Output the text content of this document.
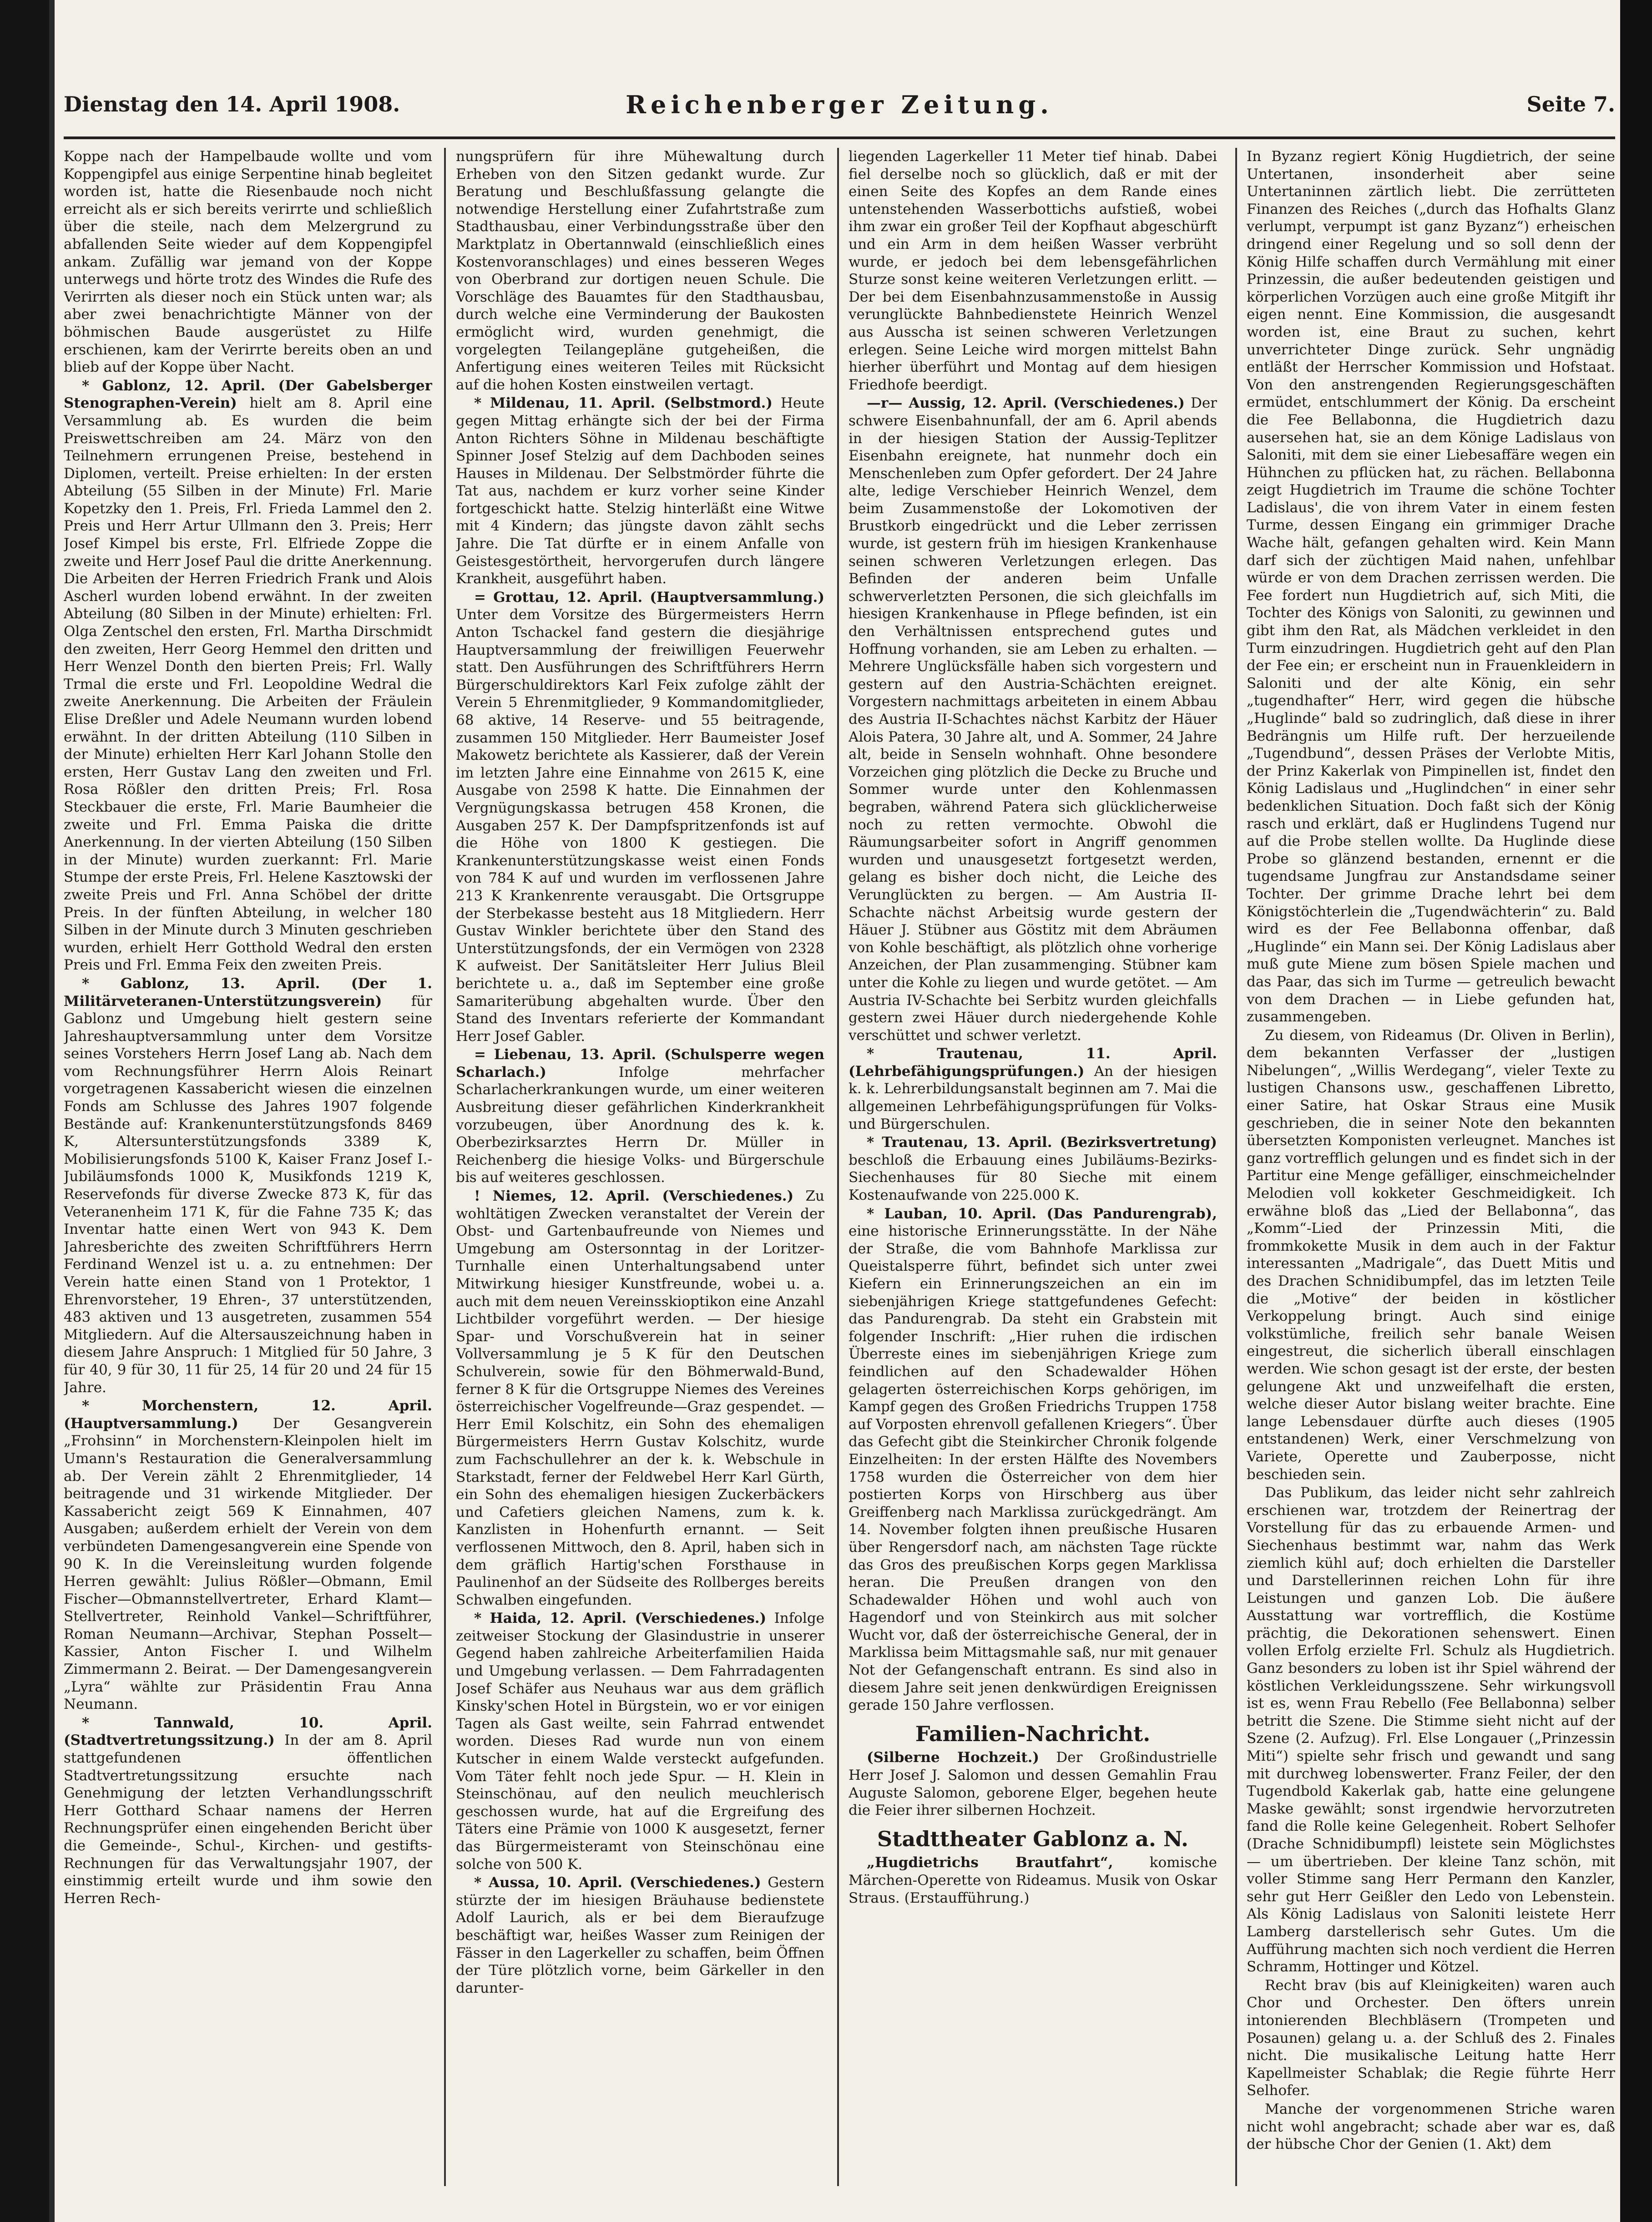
Dienstag den 14. April 1908.	Reichenberger Zeitung.	Seite 7.

Koppe nach der Hampelbaude wollte und vom Koppengipfel aus einige Serpentine hinab begleitet worden ist, hatte die Riesenbaude noch nicht erreicht als er sich bereits verirrte und schließlich über die steile, nach dem Melzergrund zu abfallenden Seite wieder auf dem Koppengipfel ankam. Zufällig war jemand von der Koppe unterwegs und hörte trotz des Windes die Rufe des Verirrten als dieser noch ein Stück unten war; als aber zwei benachrichtigte Männer von der böhmischen Baude ausgerüstet zu Hilfe erschienen, kam der Verirrte bereits oben an und blieb auf der Koppe über Nacht.

* Gablonz, 12. April. (Der Gabelsberger Stenographen-Verein) hielt am 8. April eine Versammlung ab. Es wurden die beim Preiswettschreiben am 24. März von den Teilnehmern errungenen Preise, bestehend in Diplomen, verteilt. Preise erhielten: In der ersten Abteilung (55 Silben in der Minute) Frl. Marie Kopetzky den 1. Preis, Frl. Frieda Lammel den 2. Preis und Herr Artur Ullmann den 3. Preis; Herr Josef Kimpel bis erste, Frl. Elfriede Zoppe die zweite und Herr Josef Paul die dritte Anerkennung. Die Arbeiten der Herren Friedrich Frank und Alois Ascherl wurden lobend erwähnt. In der zweiten Abteilung (80 Silben in der Minute) erhielten: Frl. Olga Zentschel den ersten, Frl. Martha Dirschmidt den zweiten, Herr Georg Hemmel den dritten und Herr Wenzel Donth den bierten Preis; Frl. Wally Trmal die erste und Frl. Leopoldine Wedral die zweite Anerkennung. Die Arbeiten der Fräulein Elise Dreßler und Adele Neumann wurden lobend erwähnt. In der dritten Abteilung (110 Silben in der Minute) erhielten Herr Karl Johann Stolle den ersten, Herr Gustav Lang den zweiten und Frl. Rosa Rößler den dritten Preis; Frl. Rosa Steckbauer die erste, Frl. Marie Baumheier die zweite und Frl. Emma Paiska die dritte Anerkennung. In der vierten Abteilung (150 Silben in der Minute) wurden zuerkannt: Frl. Marie Stumpe der erste Preis, Frl. Helene Kasztowski der zweite Preis und Frl. Anna Schöbel der dritte Preis. In der fünften Abteilung, in welcher 180 Silben in der Minute durch 3 Minuten geschrieben wurden, erhielt Herr Gotthold Wedral den ersten Preis und Frl. Emma Feix den zweiten Preis.

* Gablonz, 13. April. (Der 1. Militärveteranen-Unterstützungsverein) für Gablonz und Umgebung hielt gestern seine Jahreshauptversammlung unter dem Vorsitze seines Vorstehers Herrn Josef Lang ab. Nach dem vom Rechnungsführer Herrn Alois Reinart vorgetragenen Kassabericht wiesen die einzelnen Fonds am Schlusse des Jahres 1907 folgende Bestände auf: Krankenunterstützungsfonds 8469 K, Altersunterstützungsfonds 3389 K, Mobilisierungsfonds 5100 K, Kaiser Franz Josef I.-Jubiläumsfonds 1000 K, Musikfonds 1219 K, Reservefonds für diverse Zwecke 873 K, für das Veteranenheim 171 K, für die Fahne 735 K; das Inventar hatte einen Wert von 943 K. Dem Jahresberichte des zweiten Schriftführers Herrn Ferdinand Wenzel ist u. a. zu entnehmen: Der Verein hatte einen Stand von 1 Protektor, 1 Ehrenvorsteher, 19 Ehren-, 37 unterstützenden, 483 aktiven und 13 ausgetreten, zusammen 554 Mitgliedern. Auf die Altersauszeichnung haben in diesem Jahre Anspruch: 1 Mitglied für 50 Jahre, 3 für 40, 9 für 30, 11 für 25, 14 für 20 und 24 für 15 Jahre.

* Morchenstern, 12. April. (Hauptversammlung.) Der Gesangverein „Frohsinn“ in Morchenstern-Kleinpolen hielt im Umann's Restauration die Generalversammlung ab. Der Verein zählt 2 Ehrenmitglieder, 14 beitragende und 31 wirkende Mitglieder. Der Kassabericht zeigt 569 K Einnahmen, 407 Ausgaben; außerdem erhielt der Verein von dem verbündeten Damengesangverein eine Spende von 90 K. In die Vereinsleitung wurden folgende Herren gewählt: Julius Rößler—Obmann, Emil Fischer—Obmannstellvertreter, Erhard Klamt—Stellvertreter, Reinhold Vankel—Schriftführer, Roman Neumann—Archivar, Stephan Posselt—Kassier, Anton Fischer I. und Wilhelm Zimmermann 2. Beirat. — Der Damengesangverein „Lyra“ wählte zur Präsidentin Frau Anna Neumann.

* Tannwald, 10. April. (Stadtvertretungssitzung.) In der am 8. April stattgefundenen öffentlichen Stadtvertretungssitzung ersuchte nach Genehmigung der letzten Verhandlungsschrift Herr Gotthard Schaar namens der Herren Rechnungsprüfer einen eingehenden Bericht über die Gemeinde-, Schul-, Kirchen- und gestifts-Rechnungen für das Verwaltungsjahr 1907, der einstimmig erteilt wurde und ihm sowie den Herren Rech-

nungsprüfern für ihre Mühewaltung durch Erheben von den Sitzen gedankt wurde. Zur Beratung und Beschlußfassung gelangte die notwendige Herstellung einer Zufahrtstraße zum Stadthausbau, einer Verbindungsstraße über den Marktplatz in Obertannwald (einschließlich eines Kostenvoranschlages) und eines besseren Weges von Oberbrand zur dortigen neuen Schule. Die Vorschläge des Bauamtes für den Stadthausbau, durch welche eine Verminderung der Baukosten ermöglicht wird, wurden genehmigt, die vorgelegten Teilangepläne gutgeheißen, die Anfertigung eines weiteren Teiles mit Rücksicht auf die hohen Kosten einstweilen vertagt.

* Mildenau, 11. April. (Selbstmord.) Heute gegen Mittag erhängte sich der bei der Firma Anton Richters Söhne in Mildenau beschäftigte Spinner Josef Stelzig auf dem Dachboden seines Hauses in Mildenau. Der Selbstmörder führte die Tat aus, nachdem er kurz vorher seine Kinder fortgeschickt hatte. Stelzig hinterläßt eine Witwe mit 4 Kindern; das jüngste davon zählt sechs Jahre. Die Tat dürfte er in einem Anfalle von Geistesgestörtheit, hervorgerufen durch längere Krankheit, ausgeführt haben.

= Grottau, 12. April. (Hauptversammlung.) Unter dem Vorsitze des Bürgermeisters Herrn Anton Tschackel fand gestern die diesjährige Hauptversammlung der freiwilligen Feuerwehr statt. Den Ausführungen des Schriftführers Herrn Bürgerschuldirektors Karl Feix zufolge zählt der Verein 5 Ehrenmitglieder, 9 Kommandomitglieder, 68 aktive, 14 Reserve- und 55 beitragende, zusammen 150 Mitglieder. Herr Baumeister Josef Makowetz berichtete als Kassierer, daß der Verein im letzten Jahre eine Einnahme von 2615 K, eine Ausgabe von 2598 K hatte. Die Einnahmen der Vergnügungskassa betrugen 458 Kronen, die Ausgaben 257 K. Der Dampfspritzenfonds ist auf die Höhe von 1800 K gestiegen. Die Krankenunterstützungskasse weist einen Fonds von 784 K auf und wurden im verflossenen Jahre 213 K Krankenrente verausgabt. Die Ortsgruppe der Sterbekasse besteht aus 18 Mitgliedern. Herr Gustav Winkler berichtete über den Stand des Unterstützungsfonds, der ein Vermögen von 2328 K aufweist. Der Sanitätsleiter Herr Julius Bleil berichtete u. a., daß im September eine große Samariterübung abgehalten wurde. Über den Stand des Inventars referierte der Kommandant Herr Josef Gabler.

= Liebenau, 13. April. (Schulsperre wegen Scharlach.)	Infolge mehrfacher Scharlacherkrankungen wurde, um einer weiteren Ausbreitung dieser gefährlichen Kinderkrankheit vorzubeugen, über Anordnung des k. k. Oberbezirksarztes Herrn Dr. Müller in Reichenberg die hiesige Volks- und Bürgerschule bis auf weiteres geschlossen.

! Niemes, 12. April. (Verschiedenes.) Zu wohltätigen Zwecken veranstaltet der Verein der Obst- und Gartenbaufreunde von Niemes und Umgebung am Ostersonntag in der Loritzer-Turnhalle einen Unterhaltungsabend unter Mitwirkung hiesiger Kunstfreunde, wobei u. a. auch mit dem neuen Vereinsskioptikon eine Anzahl Lichtbilder vorgeführt werden. — Der hiesige Spar- und Vorschußverein hat in seiner Vollversammlung je 5 K für den Deutschen Schulverein, sowie für den Böhmerwald-Bund, ferner 8 K für die Ortsgruppe Niemes des Vereines österreichischer Vogelfreunde—Graz gespendet. — Herr Emil Kolschitz, ein Sohn des ehemaligen Bürgermeisters Herrn Gustav Kolschitz, wurde zum Fachschullehrer an der k. k. Webschule in Starkstadt, ferner der Feldwebel Herr Karl Gürth, ein Sohn des ehemaligen hiesigen Zuckerbäckers und Cafetiers gleichen Namens, zum k. k. Kanzlisten in Hohenfurth ernannt. — Seit verflossenen Mittwoch, den 8. April, haben sich in dem gräflich Hartig'schen Forsthause in Paulinenhof an der Südseite des Rollberges bereits Schwalben eingefunden.

* Haida, 12. April. (Verschiedenes.) Infolge zeitweiser Stockung der Glasindustrie in unserer Gegend haben zahlreiche Arbeiterfamilien Haida und Umgebung verlassen. — Dem Fahrradagenten Josef Schäfer aus Neuhaus war aus dem gräflich Kinsky'schen Hotel in Bürgstein, wo er vor einigen Tagen als Gast weilte, sein Fahrrad entwendet worden. Dieses Rad wurde nun von einem Kutscher in einem Walde versteckt aufgefunden. Vom Täter fehlt noch jede Spur. — H. Klein in Steinschönau, auf den neulich meuchlerisch geschossen wurde, hat auf die Ergreifung des Täters eine Prämie von 1000 K ausgesetzt, ferner das Bürgermeisteramt von Steinschönau eine solche von 500 K.

* Aussa, 10. April. (Verschiedenes.) Gestern stürzte der im hiesigen Bräuhause bedienstete Adolf Laurich, als er bei dem Bieraufzuge beschäftigt war, heißes Wasser zum Reinigen der Fässer in den Lagerkeller zu schaffen, beim Öffnen der Türe plötzlich vorne, beim Gärkeller in den darunter-

liegenden Lagerkeller 11 Meter tief hinab. Dabei fiel derselbe noch so glücklich, daß er mit der einen Seite des Kopfes an dem Rande eines untenstehenden Wasserbottichs aufstieß, wobei ihm zwar ein großer Teil der Kopfhaut abgeschürft und ein Arm in dem heißen Wasser verbrüht wurde, er jedoch bei dem lebensgefährlichen Sturze sonst keine weiteren Verletzungen erlitt. — Der bei dem Eisenbahnzusammenstoße in Aussig verunglückte Bahnbedienstete Heinrich Wenzel aus Ausscha ist seinen schweren Verletzungen erlegen. Seine Leiche wird morgen mittelst Bahn hierher überführt und Montag auf dem hiesigen Friedhofe beerdigt.

—r— Aussig, 12. April. (Verschiedenes.) Der schwere Eisenbahnunfall, der am 6. April abends in der hiesigen Station der Aussig-Teplitzer Eisenbahn ereignete, hat nunmehr doch ein Menschenleben zum Opfer gefordert. Der 24 Jahre alte, ledige Verschieber Heinrich Wenzel, dem beim Zusammenstoße der Lokomotiven der Brustkorb eingedrückt und die Leber zerrissen wurde, ist gestern früh im hiesigen Krankenhause seinen schweren Verletzungen erlegen. Das Befinden der anderen beim Unfalle schwerverletzten Personen, die sich gleichfalls im hiesigen Krankenhause in Pflege befinden, ist ein den Verhältnissen entsprechend gutes und Hoffnung vorhanden, sie am Leben zu erhalten. — Mehrere Unglücksfälle haben sich vorgestern und gestern auf den Austria-Schächten ereignet. Vorgestern nachmittags arbeiteten in einem Abbau des Austria II-Schachtes nächst Karbitz der Häuer Alois Patera, 30 Jahre alt, und A. Sommer, 24 Jahre alt, beide in Senseln wohnhaft. Ohne besondere Vorzeichen ging plötzlich die Decke zu Bruche und Sommer wurde unter den Kohlenmassen begraben, während Patera sich glücklicherweise noch zu retten vermochte. Obwohl die Räumungsarbeiter sofort in Angriff genommen wurden und unausgesetzt fortgesetzt werden, gelang es bisher doch nicht, die Leiche des Verunglückten zu bergen. — Am Austria II-Schachte nächst Arbeitsig wurde gestern der Häuer J. Stübner aus Göstitz mit dem Abräumen von Kohle beschäftigt, als plötzlich ohne vorherige Anzeichen, der Plan zusammenging. Stübner kam unter die Kohle zu liegen und wurde getötet. — Am Austria IV-Schachte bei Serbitz wurden gleichfalls gestern zwei Häuer durch niedergehende Kohle verschüttet und schwer verletzt.

* Trautenau, 11. April. (Lehrbefähigungsprüfungen.) An der hiesigen k. k. Lehrerbildungsanstalt beginnen am 7. Mai die allgemeinen Lehrbefähigungsprüfungen für Volks- und Bürgerschulen.

* Trautenau, 13. April. (Bezirksvertretung) beschloß die Erbauung eines Jubiläums-Bezirks-Siechenhauses für 80 Sieche mit einem Kostenaufwande von 225.000 K.

* Lauban, 10. April. (Das Pandurengrab), eine historische Erinnerungsstätte. In der Nähe der Straße, die vom Bahnhofe Marklissa zur Queistalsperre führt, befindet sich unter zwei Kiefern ein Erinnerungszeichen an ein im siebenjährigen Kriege stattgefundenes Gefecht: das Pandurengrab. Da steht ein Grabstein mit folgender Inschrift: „Hier ruhen die irdischen Überreste eines im siebenjährigen Kriege zum feindlichen auf den Schadewalder Höhen gelagerten österreichischen Korps gehörigen, im Kampf gegen des Großen Friedrichs Truppen 1758 auf Vorposten ehrenvoll gefallenen Kriegers“. Über das Gefecht gibt die Steinkircher Chronik folgende Einzelheiten: In der ersten Hälfte des Novembers 1758 wurden die Österreicher von dem hier postierten Korps von Hirschberg aus über Greiffenberg nach Marklissa zurückgedrängt. Am 14. November folgten ihnen preußische Husaren über Rengersdorf nach, am nächsten Tage rückte das Gros des preußischen Korps gegen Marklissa heran. Die Preußen drangen von den Schadewalder Höhen und wohl auch von Hagendorf und von Steinkirch aus mit solcher Wucht vor, daß der österreichische General, der in Marklissa beim Mittagsmahle saß, nur mit genauer Not der Gefangenschaft entrann. Es sind also in diesem Jahre seit jenen denkwürdigen Ereignissen gerade 150 Jahre verflossen.

Familien-Nachricht.

(Silberne Hochzeit.) Der Großindustrielle Herr Josef J. Salomon und dessen Gemahlin Frau Auguste Salomon, geborene Elger, begehen heute die Feier ihrer silbernen Hochzeit.

Stadttheater Gablonz a. N.

„Hugdietrichs Brautfahrt“,	komische Märchen-Operette von Rideamus. Musik von Oskar Straus. (Erstaufführung.)

In Byzanz regiert König Hugdietrich, der seine Untertanen, insonderheit aber seine Untertaninnen zärtlich liebt. Die zerrütteten Finanzen des Reiches („durch das Hofhalts Glanz verlumpt, verpumpt ist ganz Byzanz“) erheischen dringend einer Regelung und so soll denn der König Hilfe schaffen durch Vermählung mit einer Prinzessin, die außer bedeutenden geistigen und körperlichen Vorzügen auch eine große Mitgift ihr eigen nennt. Eine Kommission, die ausgesandt worden ist, eine Braut zu suchen, kehrt unverrichteter Dinge zurück. Sehr ungnädig entläßt der Herrscher Kommission und Hofstaat. Von den anstrengenden Regierungsgeschäften ermüdet, entschlummert der König. Da erscheint die Fee Bellabonna, die Hugdietrich dazu ausersehen hat, sie an dem Könige Ladislaus von Saloniti, mit dem sie einer Liebesaffäre wegen ein Hühnchen zu pflücken hat, zu rächen. Bellabonna zeigt Hugdietrich im Traume die schöne Tochter Ladislaus', die von ihrem Vater in einem festen Turme, dessen Eingang ein grimmiger Drache Wache hält, gefangen gehalten wird. Kein Mann darf sich der züchtigen Maid nahen, unfehlbar würde er von dem Drachen zerrissen werden. Die Fee fordert nun Hugdietrich auf, sich Miti, die Tochter des Königs von Saloniti, zu gewinnen und gibt ihm den Rat, als Mädchen verkleidet in den Turm einzudringen. Hugdietrich geht auf den Plan der Fee ein; er erscheint nun in Frauenkleidern in Saloniti und der alte König, ein sehr „tugendhafter“ Herr, wird gegen die hübsche „Huglinde“ bald so zudringlich, daß diese in ihrer Bedrängnis um Hilfe ruft. Der herzueilende „Tugendbund“, dessen Präses der Verlobte Mitis, der Prinz Kakerlak von Pimpinellen ist, findet den König Ladislaus und „Huglindchen“ in einer sehr bedenklichen Situation. Doch faßt sich der König rasch und erklärt, daß er Huglindens Tugend nur auf die Probe stellen wollte. Da Huglinde diese Probe so glänzend bestanden, ernennt er die tugendsame Jungfrau zur Anstandsdame seiner Tochter. Der grimme Drache lehrt bei dem Königstöchterlein die „Tugendwächterin“ zu. Bald wird es der Fee Bellabonna offenbar, daß „Huglinde“ ein Mann sei. Der König Ladislaus aber muß gute Miene zum bösen Spiele machen und das Paar, das sich im Turme — getreulich bewacht von dem Drachen — in Liebe gefunden hat, zusammengeben.

Zu diesem, von Rideamus (Dr. Oliven in Berlin), dem bekannten Verfasser der „lustigen Nibelungen“, „Willis Werdegang“, vieler Texte zu lustigen Chansons usw., geschaffenen Libretto, einer Satire, hat Oskar Straus eine Musik geschrieben, die in seiner Note den bekannten übersetzten Komponisten verleugnet. Manches ist ganz vortrefflich gelungen und es findet sich in der Partitur eine Menge gefälliger, einschmeichelnder Melodien voll kokketer Geschmeidigkeit. Ich erwähne bloß das „Lied der Bellabonna“, das „Komm“-Lied der Prinzessin Miti, die frommkokette Musik in dem auch in der Faktur interessanten „Madrigale“, das Duett Mitis und des Drachen Schnidibumpfel, das im letzten Teile die „Motive“ der beiden in köstlicher Verkoppelung bringt. Auch sind einige volkstümliche, freilich sehr banale Weisen eingestreut, die sicherlich überall einschlagen werden. Wie schon gesagt ist der erste, der besten gelungene Akt und unzweifelhaft die ersten, welche dieser Autor bislang weiter brachte. Eine lange Lebensdauer dürfte auch dieses (1905 entstandenen) Werk, einer Verschmelzung von Variete, Operette und Zauberposse, nicht beschieden sein.

Das Publikum, das leider nicht sehr zahlreich erschienen war, trotzdem der Reinertrag der Vorstellung für das zu erbauende Armen- und Siechenhaus bestimmt war, nahm das Werk ziemlich kühl auf; doch erhielten die Darsteller und Darstellerinnen reichen Lohn für ihre Leistungen und ganzen Lob. Die äußere Ausstattung war vortrefflich, die Kostüme prächtig, die Dekorationen sehenswert. Einen vollen Erfolg erzielte Frl. Schulz als Hugdietrich. Ganz besonders zu loben ist ihr Spiel während der köstlichen Verkleidungsszene. Sehr wirkungsvoll ist es, wenn Frau Rebello (Fee Bellabonna) selber betritt die Szene. Die Stimme sieht nicht auf der Szene (2. Aufzug). Frl. Else Longauer („Prinzessin Miti“) spielte sehr frisch und gewandt und sang mit durchweg lobenswerter. Franz Feiler, der den Tugendbold Kakerlak gab, hatte eine gelungene Maske gewählt; sonst irgendwie hervorzutreten fand die Rolle keine Gelegenheit. Robert Selhofer (Drache Schnidibumpfl) leistete sein Möglichstes — um übertrieben. Der kleine Tanz schön, mit voller Stimme sang Herr Permann den Kanzler, sehr gut Herr Geißler den Ledo von Lebenstein. Als König Ladislaus von Saloniti leistete Herr Lamberg darstellerisch sehr Gutes. Um die Aufführung machten sich noch verdient die Herren Schramm, Hottinger und Kötzel.

Recht brav (bis auf Kleinigkeiten) waren auch Chor und Orchester. Den öfters unrein intonierenden Blechbläsern (Trompeten und Posaunen) gelang u. a. der Schluß des 2. Finales nicht. Die musikalische Leitung hatte Herr Kapellmeister Schablak; die Regie führte Herr Selhofer.

Manche der vorgenommenen Striche waren nicht wohl angebracht; schade aber war es, daß der hübsche Chor der Genien (1. Akt) dem
